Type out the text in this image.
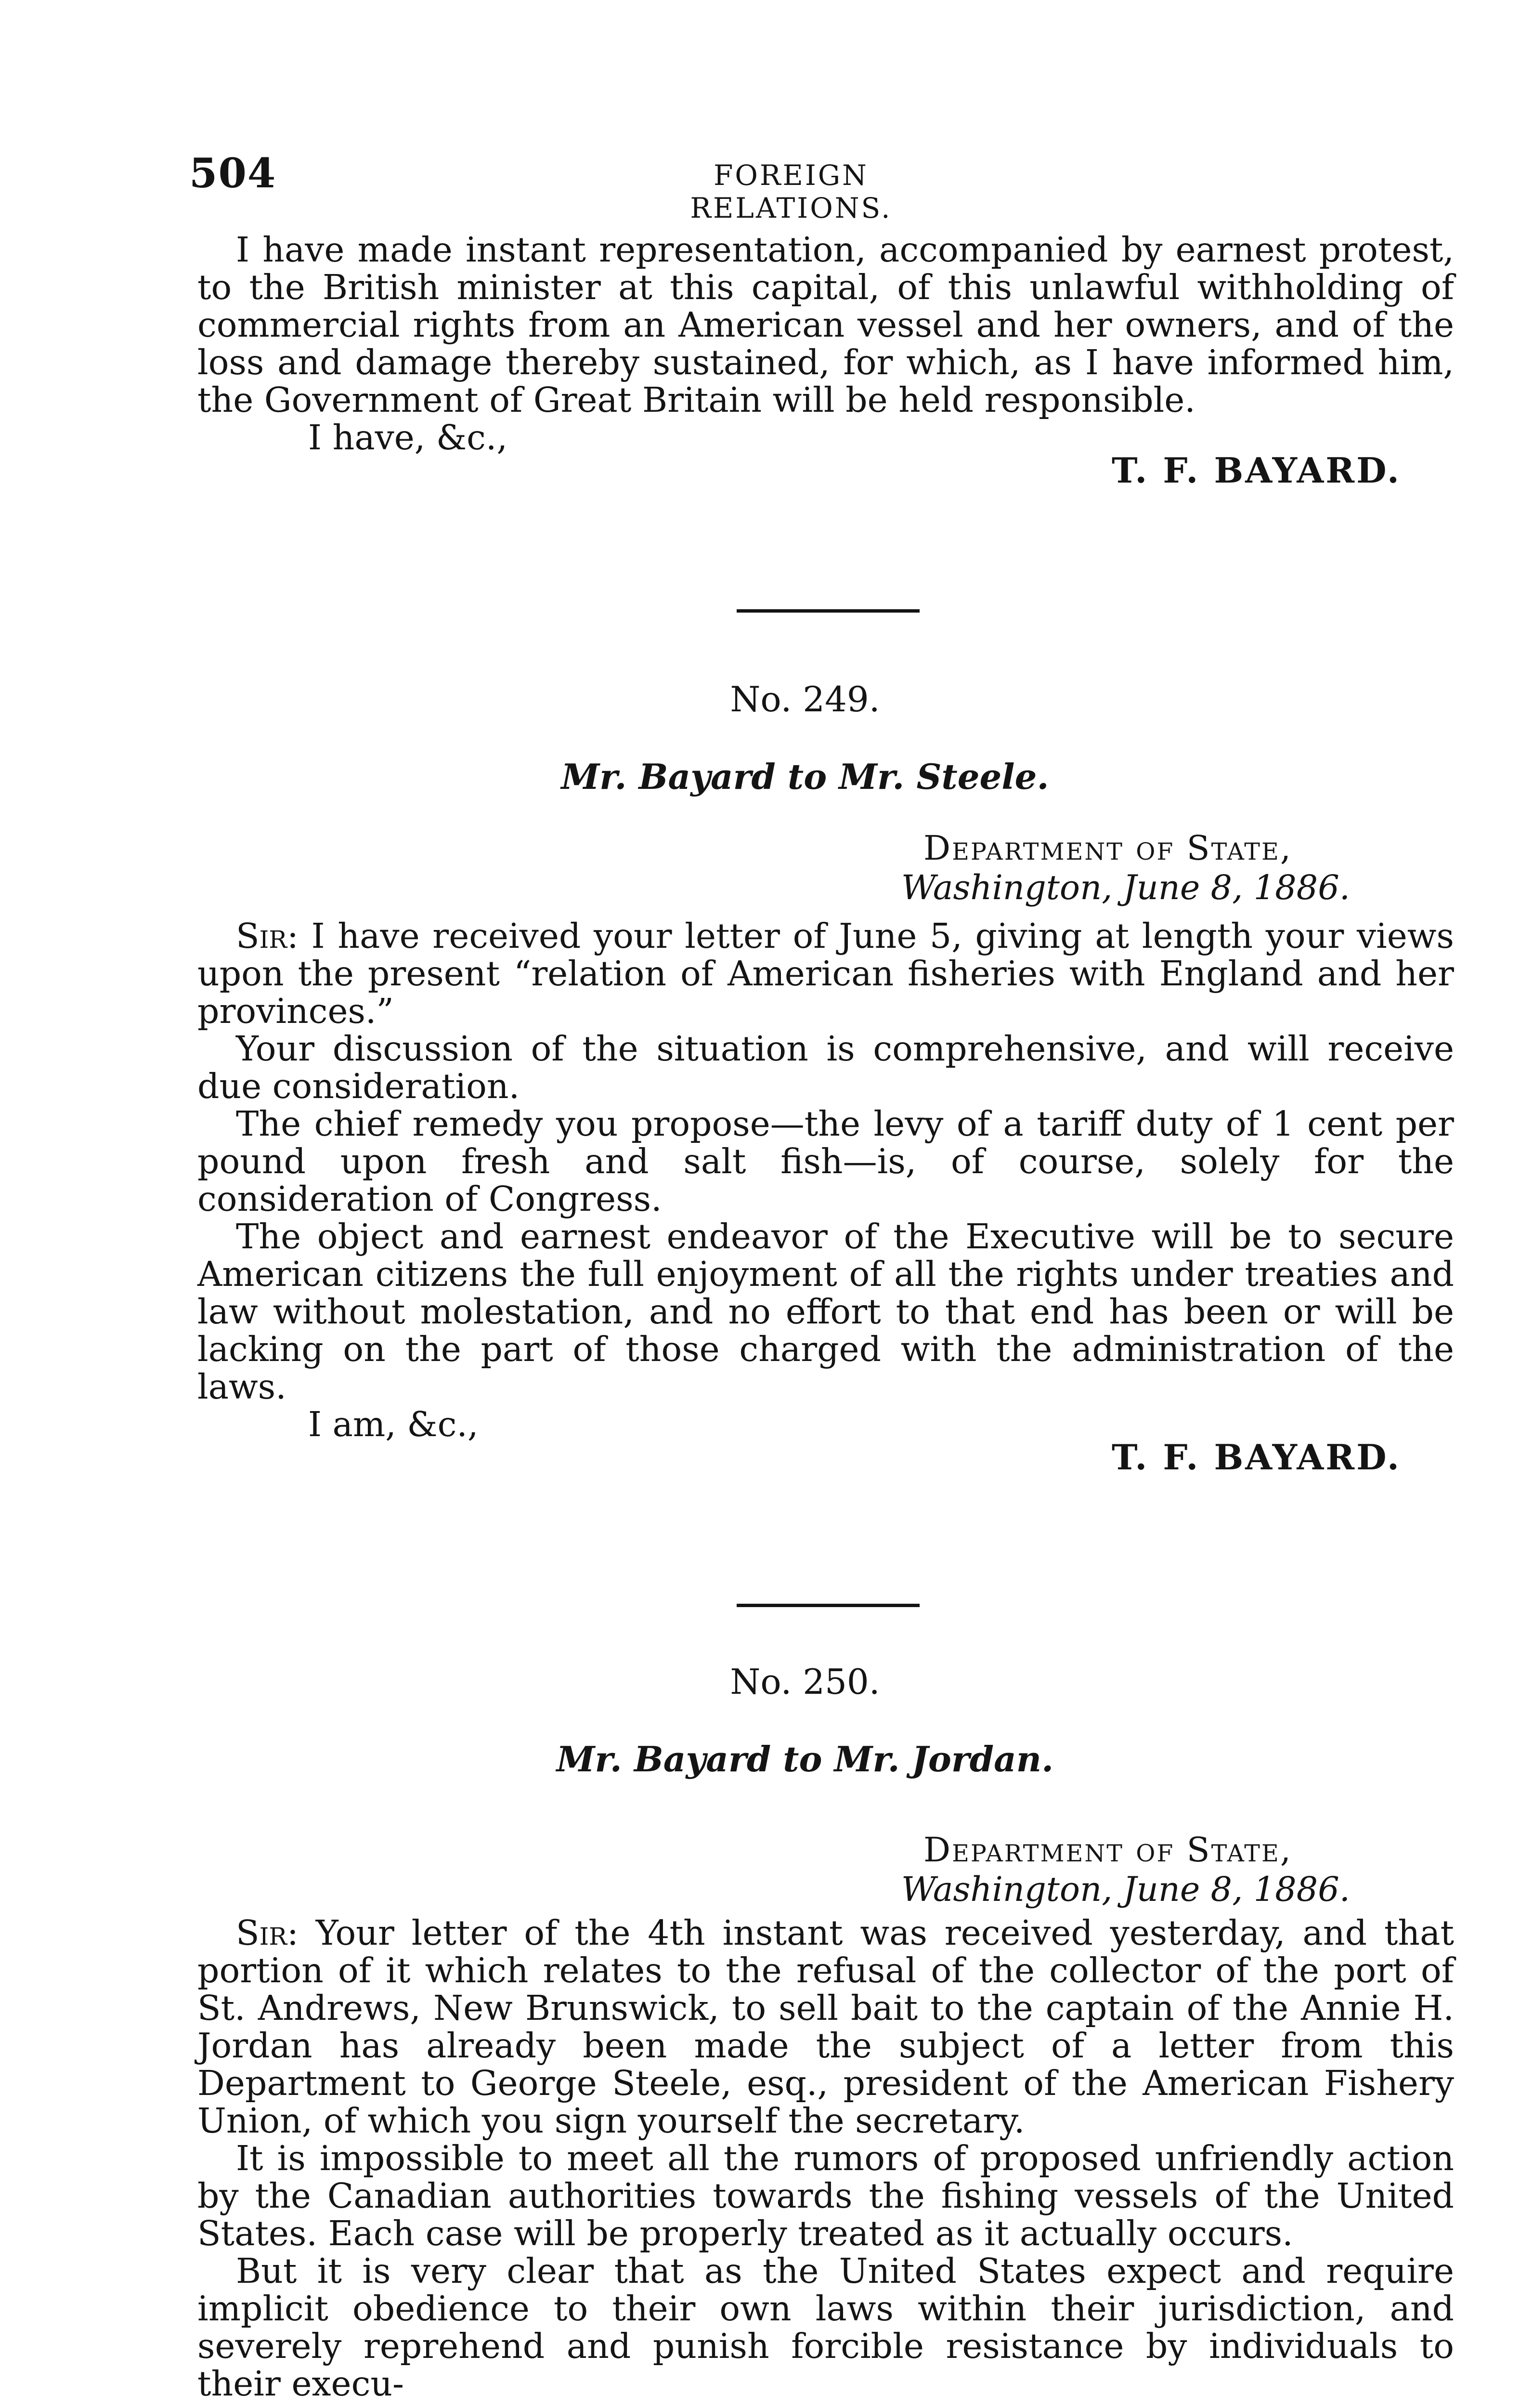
504	FOREIGN RELATIONS.

I have made instant representation, accompanied by earnest protest, to the British minister at this capital, of this unlawful withholding of commercial rights from an American vessel and her owners, and of the loss and damage thereby sustained, for which, as I have informed him, the Government of Great Britain will be held responsible.

I have, &c.,

T. F. BAYARD.

No. 249.
Mr. Bayard to Mr. Steele.
Department of State,
Washington, June 8, 1886.

Sir: I have received your letter of June 5, giving at length your views upon the present “relation of American fisheries with England and her provinces.”

Your discussion of the situation is comprehensive, and will receive due consideration.

The chief remedy you propose—the levy of a tariff duty of 1 cent per pound upon fresh and salt fish—is, of course, solely for the consideration of Congress.

The object and earnest endeavor of the Executive will be to secure American citizens the full enjoyment of all the rights under treaties and law without molestation, and no effort to that end has been or will be lacking on the part of those charged with the administration of the laws.

I am, &c.,

T. F. BAYARD.

No. 250.
Mr. Bayard to Mr. Jordan.
Department of State,
Washington, June 8, 1886.

Sir: Your letter of the 4th instant was received yesterday, and that portion of it which relates to the refusal of the collector of the port of St. Andrews, New Brunswick, to sell bait to the captain of the Annie H. Jordan has already been made the subject of a letter from this Department to George Steele, esq., president of the American Fishery Union, of which you sign yourself the secretary.

It is impossible to meet all the rumors of proposed unfriendly action by the Canadian authorities towards the fishing vessels of the United States. Each case will be properly treated as it actually occurs.

But it is very clear that as the United States expect and require implicit obedience to their own laws within their jurisdiction, and severely reprehend and punish forcible resistance by individuals to their execu-
